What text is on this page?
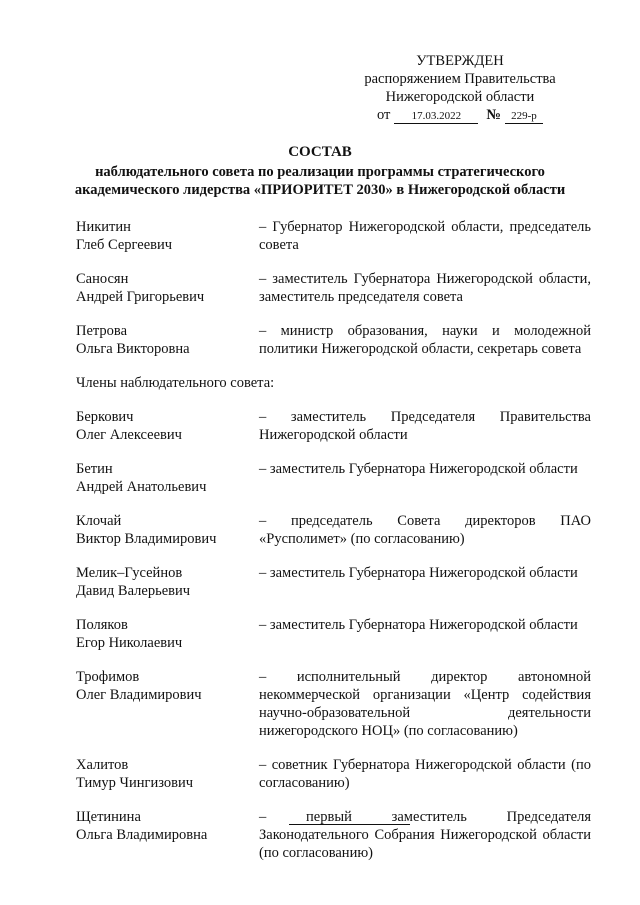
УТВЕРЖДЕН
распоряжением Правительства
Нижегородской области
от	17.03.2022	№ 229-р
СОСТАВ
наблюдательного совета по реализации программы стратегического
академического лидерства «ПРИОРИТЕТ 2030» в Нижегородской области
Никитин
Глеб Сергеевич
– Губернатор Нижегородской области, председатель совета
Саносян
Андрей Григорьевич
– заместитель Губернатора Нижегородской области, заместитель председателя совета
Петрова
Ольга Викторовна
– министр образования, науки и молодежной политики Нижегородской области, секретарь совета
Члены наблюдательного совета:
Беркович
Олег Алексеевич
– заместитель Председателя Правительства Нижегородской области
Бетин
Андрей Анатольевич
– заместитель Губернатора Нижегородской области
Клочай
Виктор Владимирович
– председатель Совета директоров ПАО «Русполимет» (по согласованию)
Мелик–Гусейнов
Давид Валерьевич
– заместитель Губернатора Нижегородской области
Поляков
Егор Николаевич
– заместитель Губернатора Нижегородской области
Трофимов
Олег Владимирович
– исполнительный директор автономной некоммерческой организации «Центр содействия научно-образовательной деятельности нижегородского НОЦ» (по согласованию)
Халитов
Тимур Чингизович
– советник Губернатора Нижегородской области (по согласованию)
Щетинина
Ольга Владимировна
– первый заместитель Председателя Законодательного Собрания Нижегородской области (по согласованию)
